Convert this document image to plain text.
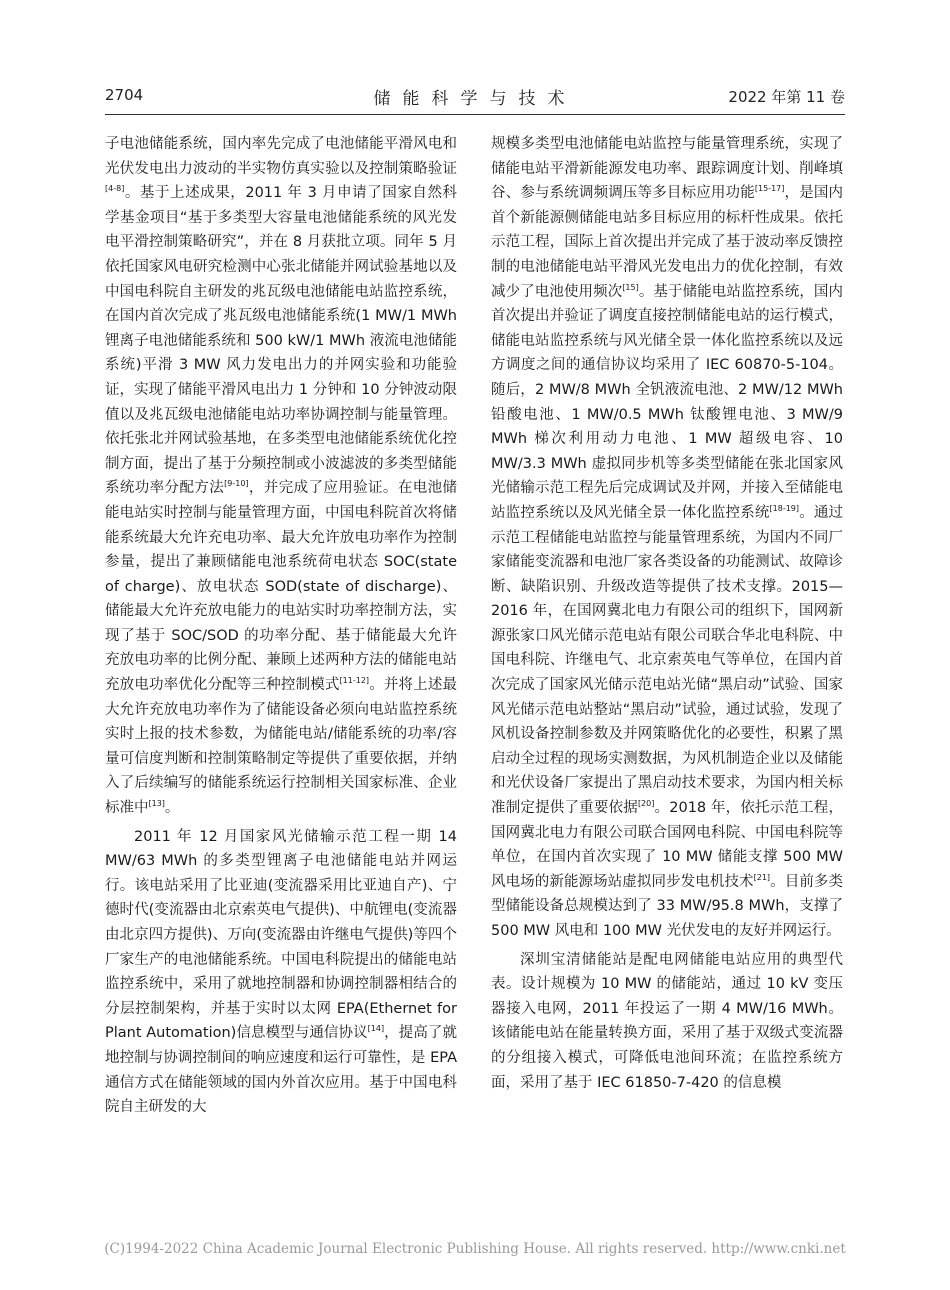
2704	储能科学与技术	2022 年第 11 卷

子电池储能系统，国内率先完成了电池储能平滑风电和光伏发电出力波动的半实物仿真实验以及控制策略验证[4-8]。基于上述成果，2011 年 3 月申请了国家自然科学基金项目“基于多类型大容量电池储能系统的风光发电平滑控制策略研究”，并在 8 月获批立项。同年 5 月依托国家风电研究检测中心张北储能并网试验基地以及中国电科院自主研发的兆瓦级电池储能电站监控系统，在国内首次完成了兆瓦级电池储能系统(1 MW/1 MWh 锂离子电池储能系统和 500 kW/1 MWh 液流电池储能系统)平滑 3 MW 风力发电出力的并网实验和功能验证，实现了储能平滑风电出力 1 分钟和 10 分钟波动限值以及兆瓦级电池储能电站功率协调控制与能量管理。依托张北并网试验基地，在多类型电池储能系统优化控制方面，提出了基于分频控制或小波滤波的多类型储能系统功率分配方法[9-10]，并完成了应用验证。在电池储能电站实时控制与能量管理方面，中国电科院首次将储能系统最大允许充电功率、最大允许放电功率作为控制参量，提出了兼顾储能电池系统荷电状态 SOC(state of charge)、放电状态 SOD(state of discharge)、储能最大允许充放电能力的电站实时功率控制方法，实现了基于 SOC/SOD 的功率分配、基于储能最大允许充放电功率的比例分配、兼顾上述两种方法的储能电站充放电功率优化分配等三种控制模式[11-12]。并将上述最大允许充放电功率作为了储能设备必须向电站监控系统实时上报的技术参数，为储能电站/储能系统的功率/容量可信度判断和控制策略制定等提供了重要依据，并纳入了后续编写的储能系统运行控制相关国家标准、企业标准中[13]。

2011 年 12 月国家风光储输示范工程一期 14 MW/63 MWh 的多类型锂离子电池储能电站并网运行。该电站采用了比亚迪(变流器采用比亚迪自产)、宁德时代(变流器由北京索英电气提供)、中航锂电(变流器由北京四方提供)、万向(变流器由许继电气提供)等四个厂家生产的电池储能系统。中国电科院提出的储能电站监控系统中，采用了就地控制器和协调控制器相结合的分层控制架构，并基于实时以太网 EPA(Ethernet for Plant Automation)信息模型与通信协议[14]，提高了就地控制与协调控制间的响应速度和运行可靠性，是 EPA 通信方式在储能领域的国内外首次应用。基于中国电科院自主研发的大

规模多类型电池储能电站监控与能量管理系统，实现了储能电站平滑新能源发电功率、跟踪调度计划、削峰填谷、参与系统调频调压等多目标应用功能[15-17]，是国内首个新能源侧储能电站多目标应用的标杆性成果。依托示范工程，国际上首次提出并完成了基于波动率反馈控制的电池储能电站平滑风光发电出力的优化控制，有效减少了电池使用频次[15]。基于储能电站监控系统，国内首次提出并验证了调度直接控制储能电站的运行模式，储能电站监控系统与风光储全景一体化监控系统以及远方调度之间的通信协议均采用了 IEC 60870-5-104。随后，2 MW/8 MWh 全钒液流电池、2 MW/12 MWh 铅酸电池、1 MW/0.5 MWh 钛酸锂电池、3 MW/9 MWh 梯次利用动力电池、1 MW 超级电容、10 MW/3.3 MWh 虚拟同步机等多类型储能在张北国家风光储输示范工程先后完成调试及并网，并接入至储能电站监控系统以及风光储全景一体化监控系统[18-19]。通过示范工程储能电站监控与能量管理系统，为国内不同厂家储能变流器和电池厂家各类设备的功能测试、故障诊断、缺陷识别、升级改造等提供了技术支撑。2015—2016 年，在国网冀北电力有限公司的组织下，国网新源张家口风光储示范电站有限公司联合华北电科院、中国电科院、许继电气、北京索英电气等单位，在国内首次完成了国家风光储示范电站光储“黑启动”试验、国家风光储示范电站整站“黑启动”试验，通过试验，发现了风机设备控制参数及并网策略优化的必要性，积累了黑启动全过程的现场实测数据，为风机制造企业以及储能和光伏设备厂家提出了黑启动技术要求，为国内相关标准制定提供了重要依据[20]。2018 年，依托示范工程，国网冀北电力有限公司联合国网电科院、中国电科院等单位，在国内首次实现了 10 MW 储能支撑 500 MW 风电场的新能源场站虚拟同步发电机技术[21]。目前多类型储能设备总规模达到了 33 MW/95.8 MWh，支撑了 500 MW 风电和 100 MW 光伏发电的友好并网运行。

深圳宝清储能站是配电网储能电站应用的典型代表。设计规模为 10 MW 的储能站，通过 10 kV 变压器接入电网，2011 年投运了一期 4 MW/16 MWh。该储能电站在能量转换方面，采用了基于双级式变流器的分组接入模式，可降低电池间环流；在监控系统方面，采用了基于 IEC 61850-7-420 的信息模

(C)1994-2022 China Academic Journal Electronic Publishing House. All rights reserved. http://www.cnki.net
